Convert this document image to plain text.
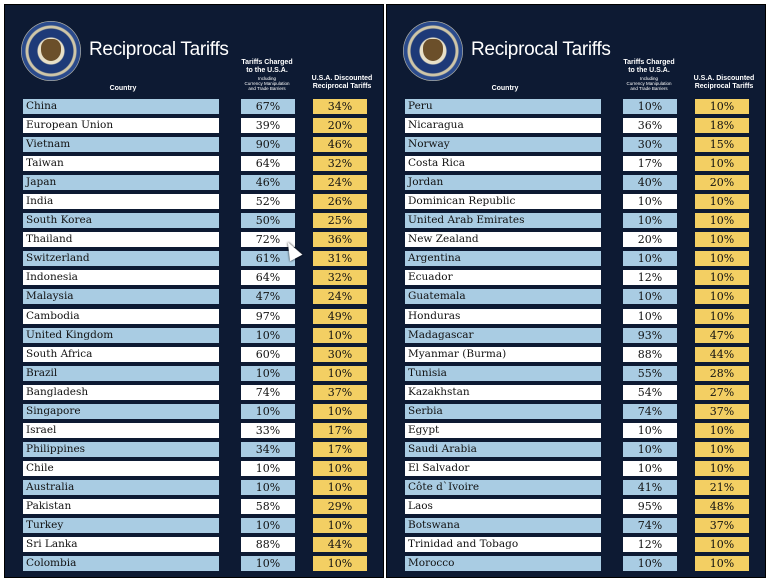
Reciprocal Tariffs
Tariffs Charged
to the U.S.A.
Including
Currency Manipulation
and Trade Barriers
U.S.A. Discounted
Reciprocal Tariffs
Country
China	67%	34%
European Union	39%	20%
Vietnam	90%	46%
Taiwan	64%	32%
Japan	46%	24%
India	52%	26%
South Korea	50%	25%
Thailand	72%	36%
Switzerland	61%	31%
Indonesia	64%	32%
Malaysia	47%	24%
Cambodia	97%	49%
United Kingdom	10%	10%
South Africa	60%	30%
Brazil	10%	10%
Bangladesh	74%	37%
Singapore	10%	10%
Israel	33%	17%
Philippines	34%	17%
Chile	10%	10%
Australia	10%	10%
Pakistan	58%	29%
Turkey	10%	10%
Sri Lanka	88%	44%
Colombia	10%	10%
Reciprocal Tariffs
Tariffs Charged
to the U.S.A.
Including
Currency Manipulation
and Trade Barriers
U.S.A. Discounted
Reciprocal Tariffs
Country
Peru	10%	10%
Nicaragua	36%	18%
Norway	30%	15%
Costa Rica	17%	10%
Jordan	40%	20%
Dominican Republic	10%	10%
United Arab Emirates	10%	10%
New Zealand	20%	10%
Argentina	10%	10%
Ecuador	12%	10%
Guatemala	10%	10%
Honduras	10%	10%
Madagascar	93%	47%
Myanmar (Burma)	88%	44%
Tunisia	55%	28%
Kazakhstan	54%	27%
Serbia	74%	37%
Egypt	10%	10%
Saudi Arabia	10%	10%
El Salvador	10%	10%
Côte d`Ivoire	41%	21%
Laos	95%	48%
Botswana	74%	37%
Trinidad and Tobago	12%	10%
Morocco	10%	10%
